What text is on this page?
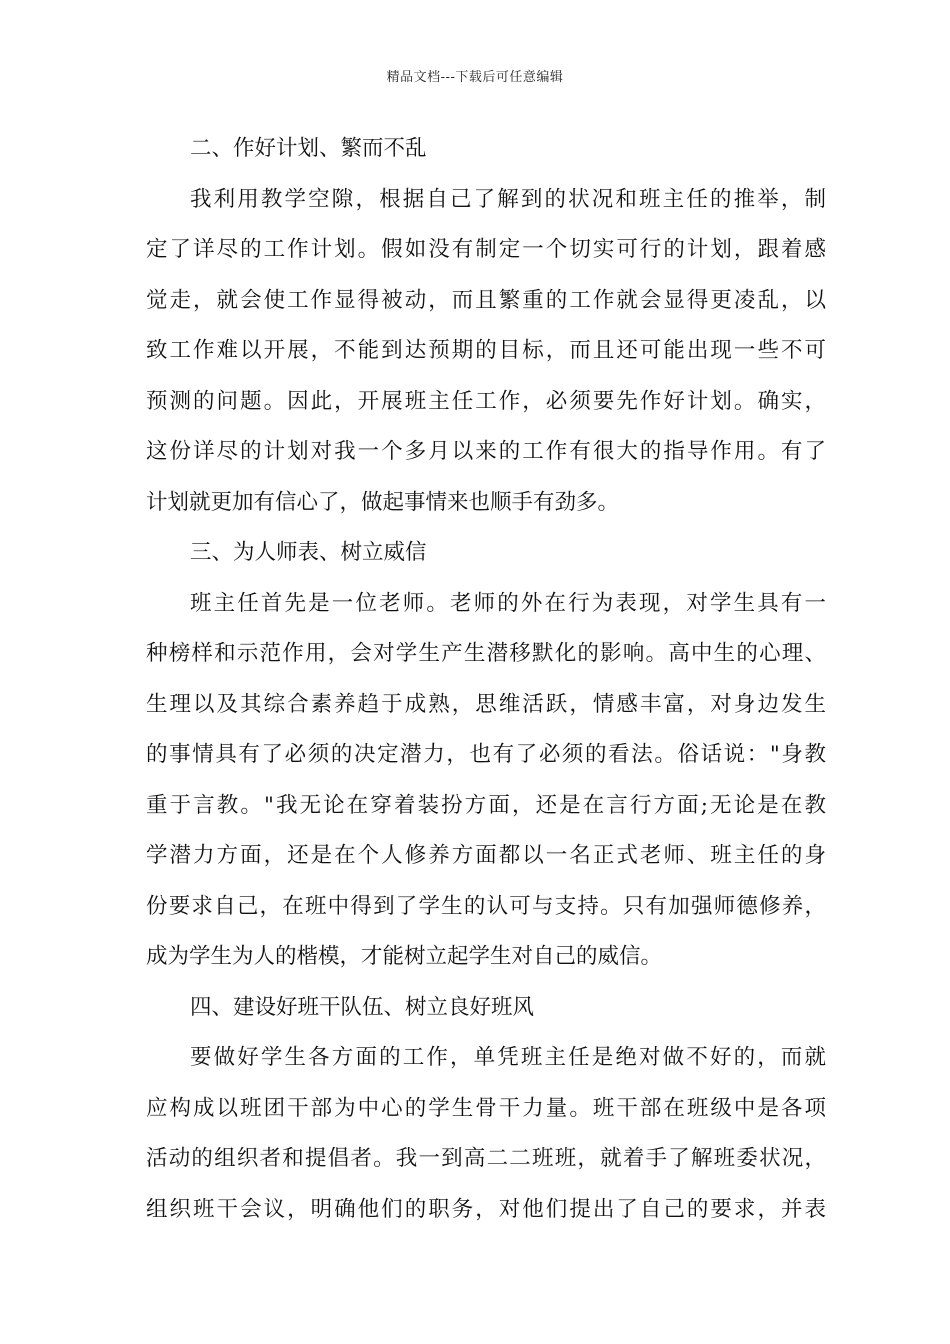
精品文档---下载后可任意编辑
二、作好计划、繁而不乱
我利用教学空隙，根据自己了解到的状况和班主任的推举，制
定了详尽的工作计划。假如没有制定一个切实可行的计划，跟着感
觉走，就会使工作显得被动，而且繁重的工作就会显得更凌乱，以
致工作难以开展，不能到达预期的目标，而且还可能出现一些不可
预测的问题。因此，开展班主任工作，必须要先作好计划。确实，
这份详尽的计划对我一个多月以来的工作有很大的指导作用。有了
计划就更加有信心了，做起事情来也顺手有劲多。
三、为人师表、树立威信
班主任首先是一位老师。老师的外在行为表现，对学生具有一
种榜样和示范作用，会对学生产生潜移默化的影响。高中生的心理、
生理以及其综合素养趋于成熟，思维活跃，情感丰富，对身边发生
的事情具有了必须的决定潜力，也有了必须的看法。俗话说："身教
重于言教。"我无论在穿着装扮方面，还是在言行方面;无论是在教
学潜力方面，还是在个人修养方面都以一名正式老师、班主任的身
份要求自己，在班中得到了学生的认可与支持。只有加强师德修养，
成为学生为人的楷模，才能树立起学生对自己的威信。
四、建设好班干队伍、树立良好班风
要做好学生各方面的工作，单凭班主任是绝对做不好的，而就
应构成以班团干部为中心的学生骨干力量。班干部在班级中是各项
活动的组织者和提倡者。我一到高二二班班，就着手了解班委状况，
组织班干会议，明确他们的职务，对他们提出了自己的要求，并表
